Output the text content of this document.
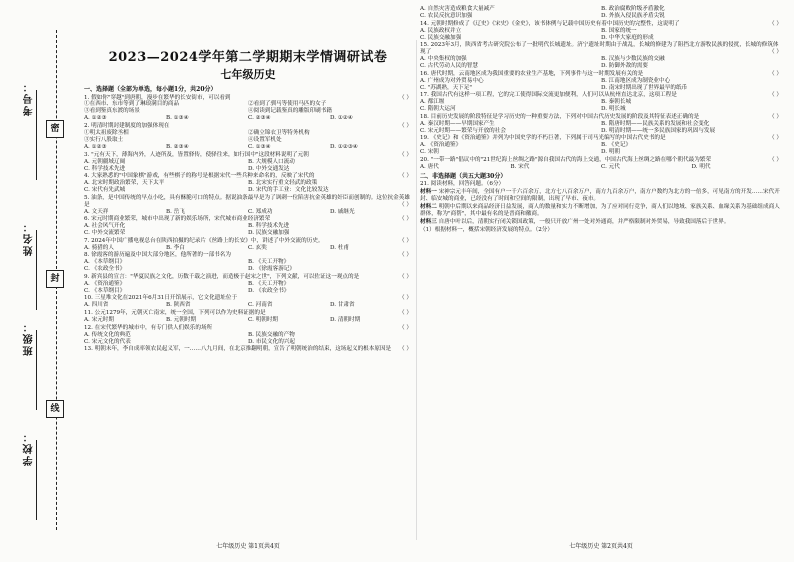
密
封
线
学校：
班级：
姓名：
考号：
2023—2024学年第二学期期末学情调研试卷
七年级历史
一、选择题（全部为单选，每小题1分，共20分）
1. 假如你"穿越"到唐朝，漫步在繁华的长安街市，可以看到	（ ）
①在西市、东市等到了琳琅满目的商品	②看到了驯马等使用马匹的女子
③看到鉴真东渡的场景	④阅读到记载鉴真的雕版印刷书籍
A. ①②③	B. ①③④	C. ②③④	D. ①②④
2. 明清时期封建制度的加强体现在	（ ）
①明太祖废除丞相	②确立锦衣卫等特务机构
③实行八股取士	④设置军机处
A. ①②③	B. ②③④	C. ①③④	D. ①②③④
3. "元有天下，薄海内外，人迹所及，皆置驿传，使驿往来，如行国中"这段材料说明了元朝	（ ）
A. 元朝疆域辽阔	B. 大规模人口流动
C. 科学技术先进	D. 中外交通发达
4. 大家熟悉的"中国象棋"游戏，有些棋子的称号是根据宋代一些兵种来命名的，反映了宋代的	（ ）
A. 北宋时期政治繁荣，天下太平	B. 北宋实行重文轻武的政策
C. 宋代有先武城	D. 宋代的手工业：文化比较发达
5. 油条，是中国传统的早点小吃，具有酥脆可口的特点。据说油条最早是为了讽刺一位陷害抗金英雄的奸臣而创制的。这位抗金英雄是	（ ）
A. 文天祥	B. 岳飞	C. 郑成功	D. 戚继光
6. 宋元时期商业繁荣，城市中出现了新的娱乐场所，宋代城市商业经济繁荣	（ ）
A. 社会风气开化	B. 科学技术先进
C. 中外交流繁荣	D. 民族交融加强
7. 2024年中国广播电视总台在陕西拍摄的纪录片《丝路上的长安》中，讲述了中外交流的历史。	（ ）
A. 骑猎的人	B. 李白	C. 玄奘	D. 杜甫
8. 徐霞客的游历遍及中国大部分地区，他所著的一部书名为	（ ）
A. 《本草纲目》	B. 《天工开物》
C. 《农政全书》	D. 《徐霞客游记》
9. 新宾县的宣言："华夏民族之文化，历数千载之演进，而造极于赵宋之世"，下列文献，可以佐证这一观点的是	（ ）
A. 《资治通鉴》	B. 《天工开物》
C. 《本草纲目》	D. 《农政全书》
10. 三星堆文化在2021年6月31日开馆展示，它文化遗址位于	（ ）
A. 四川省	B. 陕西省	C. 河南省	D. 甘肃省
11. 公元1279年，元朝灭亡南宋，统一全国，下列可以作为史料证据的是	（ ）
A. 宋元时期	B. 元朝时期	C. 明朝时期	D. 清朝时期
12. 在宋代繁华的城市中，有专门供人们娱乐的场所	（ ）
A. 传统文化的典范	B. 民族交融的产物
C. 宋元文化的代表	D. 市民文化的兴起
13. 明朝末年，李自成率领农民起义军，一……八九月间，在北京推翻明朝，宣告了明朝统治的结束，这场起义的根本原因是 （ ）
七年级历史 第1页共4页
A. 自然灾害造成粮食大量减产	B. 政治腐败阶级矛盾激化
C. 农民反抗意识加强	D. 外族入侵民族矛盾尖锐
14. 元朝时期修成了《辽史》《宋史》《金史》，该书体例与记载中国历史有着中国历史的完整性，这说明了	（ ）
A. 民族政权并立	B. 国家的统一
C. 民族交融加强	D. 中华大家庭的形成
15. 2023年3月，陕西省考古研究院公布了一批明代长城遗址。济宁遗址时期由于战乱，长城的修建为了阻挡北方游牧民族的侵扰，长城的修筑体现了	（ ）
A. 中央集权的加强	B. 汉族与少数民族的交融
C. 古代劳动人民的智慧	D. 防御外敌的需要
16. 唐代时期，云南地区成为我国重要的农业生产基地，下列事件与这一时期发展有关的是	（ ）
A. 广州成为对外贸易中心	B. 江南地区成为制瓷业中心
C. "苏湖熟，天下足"	D. 南宋时期出现了世界最早的纸币
17. 我国古代有这样一项工程，它的完工使得国际交流更加便利，人们可以从杭州直达北京，这项工程是	（ ）
A. 都江堰	B. 秦朝长城
C. 隋朝大运河	D. 明长城
18. 目前历史发展的阶段特征是学习历史的一种重要方法，下列对中国古代历史发展的阶段及其特征表述正确的是	（ ）
A. 秦汉时期——早期国家产生	B. 隋唐时期——民族关系的发展和社会变化
C. 宋元时期——繁荣与开放的社会	D. 明清时期——统一多民族国家的巩固与发展
19. 《史记》和《资治通鉴》并列为中国史学的不朽巨著，下列属于司马光编写的中国古代史书的是	（ ）
A. 《资治通鉴》	B. 《史记》
C. 宋朝	D. 明朝
20. "一带一路"倡议中的"21世纪海上丝绸之路"源自我国古代的海上交通，中国古代海上丝绸之路在哪个朝代最为繁荣	（ ）
A. 唐代	B. 宋代	C. 元代	D. 明代
二、非选择题（共五大题30分）
21. 阅读材料，回答问题。（6分）
材料一 宋神宗元丰年间，全国有户一千六百余万，北方七八百余万户，南方九百余万户，南方户数约为北方的一倍多，可见南方的开发……宋代开封、临安城的商业，已经没有了时间和空间的限制，出现了早市、夜市。
材料二 明朝中后期以来商品经济日益发展，商人的数量和实力不断增加，为了应对同行竞争，商人们以地域、家族关系、血缘关系为基础组成商人群体，称为"商帮"，其中最有名的是晋商和徽商。
材料三 自唐中叶以后，清朝实行闭关锁国政策，一般只开放广州一处对外通商，并严格限制对外贸易，导致我国落后于世界。
（1）根据材料一，概括宋朝经济发展的特点。（2分）
七年级历史 第2页共4页
